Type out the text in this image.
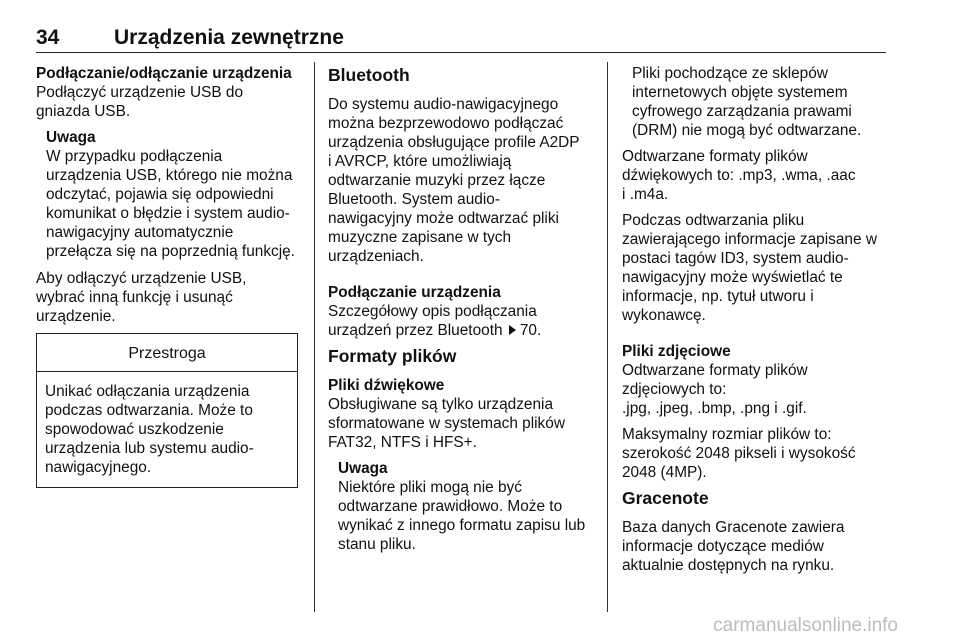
34	Urządzenia zewnętrzne

Podłączanie/odłączanie urządzenia

Podłączyć urządzenie USB do
gniazda USB.

Uwaga

W przypadku podłączenia
urządzenia USB, którego nie można
odczytać, pojawia się odpowiedni
komunikat o błędzie i system audio-
nawigacyjny automatycznie
przełącza się na poprzednią funkcję.

Aby odłączyć urządzenie USB,
wybrać inną funkcję i usunąć
urządzenie.

Przestroga
Unikać odłączania urządzenia
podczas odtwarzania. Może to
spowodować uszkodzenie
urządzenia lub systemu audio-
nawigacyjnego.
Bluetooth

Do systemu audio-nawigacyjnego
można bezprzewodowo podłączać
urządzenia obsługujące profile A2DP
i AVRCP, które umożliwiają
odtwarzanie muzyki przez łącze
Bluetooth. System audio-
nawigacyjny może odtwarzać pliki
muzyczne zapisane w tych
urządzeniach.

Podłączanie urządzenia

Szczegółowy opis podłączania
urządzeń przez Bluetooth 70.

Formaty plików

Pliki dźwiękowe

Obsługiwane są tylko urządzenia
sformatowane w systemach plików
FAT32, NTFS i HFS+.

Uwaga

Niektóre pliki mogą nie być
odtwarzane prawidłowo. Może to
wynikać z innego formatu zapisu lub
stanu pliku.

Pliki pochodzące ze sklepów
internetowych objęte systemem
cyfrowego zarządzania prawami
(DRM) nie mogą być odtwarzane.

Odtwarzane formaty plików
dźwiękowych to: .mp3, .wma, .aac
i .m4a.

Podczas odtwarzania pliku
zawierającego informacje zapisane w
postaci tagów ID3, system audio-
nawigacyjny może wyświetlać te
informacje, np. tytuł utworu i
wykonawcę.

Pliki zdjęciowe

Odtwarzane formaty plików
zdjęciowych to:
.jpg, .jpeg, .bmp, .png i .gif.

Maksymalny rozmiar plików to:
szerokość 2048 pikseli i wysokość
2048 (4MP).

Gracenote

Baza danych Gracenote zawiera
informacje dotyczące mediów
aktualnie dostępnych na rynku.

carmanualsonline.info
